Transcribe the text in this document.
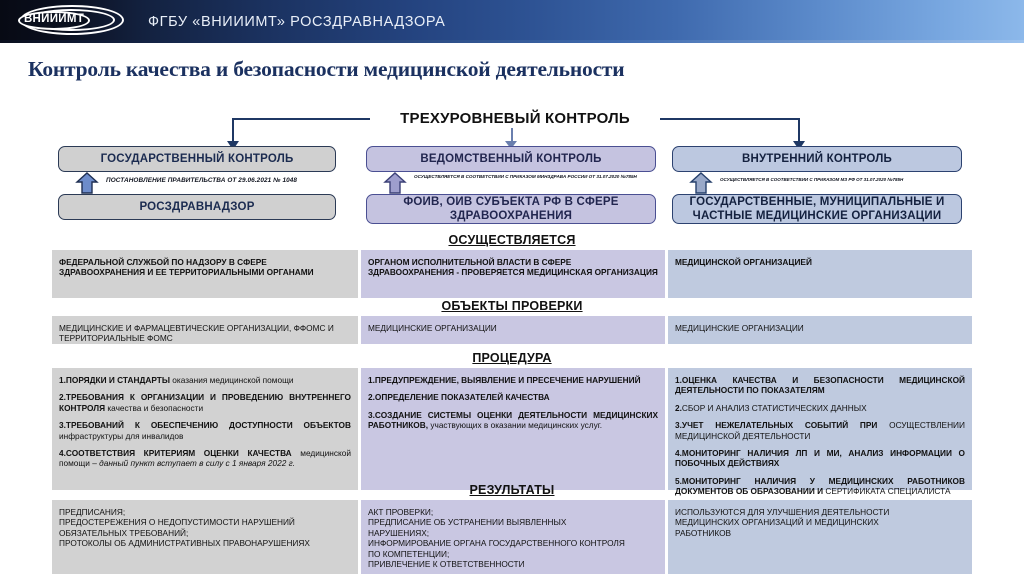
ВНИИИМТ	ФГБУ «ВНИИИМТ» РОСЗДРАВНАДЗОРА
Контроль качества и безопасности медицинской деятельности
ТРЕХУРОВНЕВЫЙ КОНТРОЛЬ
ГОСУДАРСТВЕННЫЙ КОНТРОЛЬ
ПОСТАНОВЛЕНИЕ ПРАВИТЕЛЬСТВА ОТ 29.06.2021 № 1048
РОСЗДРАВНАДЗОР
ВЕДОМСТВЕННЫЙ КОНТРОЛЬ
ОСУЩЕСТВЛЯЕТСЯ В СООТВЕТСТВИИ С ПРИКАЗОМ МИНЗДРАВА РОССИИ ОТ 31.07.2020 №785Н
ФОИВ, ОИВ СУБЪЕКТА РФ В СФЕРЕ ЗДРАВООХРАНЕНИЯ
ВНУТРЕННИЙ КОНТРОЛЬ
ОСУЩЕСТВЛЯЕТСЯ В СООТВЕТСТВИИ С ПРИКАЗОМ МЗ РФ ОТ 31.07.2020 №785Н
ГОСУДАРСТВЕННЫЕ, МУНИЦИПАЛЬНЫЕ И ЧАСТНЫЕ МЕДИЦИНСКИЕ ОРГАНИЗАЦИИ
ОСУЩЕСТВЛЯЕТСЯ
ФЕДЕРАЛЬНОЙ СЛУЖБОЙ ПО НАДЗОРУ В СФЕРЕ ЗДРАВООХРАНЕНИЯ И ЕЕ ТЕРРИТОРИАЛЬНЫМИ ОРГАНАМИ
ОРГАНОМ ИСПОЛНИТЕЛЬНОЙ ВЛАСТИ В СФЕРЕ ЗДРАВООХРАНЕНИЯ - ПРОВЕРЯЕТСЯ МЕДИЦИНСКАЯ ОРГАНИЗАЦИЯ
МЕДИЦИНСКОЙ ОРГАНИЗАЦИЕЙ
ОБЪЕКТЫ ПРОВЕРКИ
МЕДИЦИНСКИЕ И ФАРМАЦЕВТИЧЕСКИЕ ОРГАНИЗАЦИИ, ФФОМС И ТЕРРИТОРИАЛЬНЫЕ ФОМС
МЕДИЦИНСКИЕ ОРГАНИЗАЦИИ	МЕДИЦИНСКИЕ ОРГАНИЗАЦИИ
ПРОЦЕДУРА

1.ПОРЯДКИ И СТАНДАРТЫ оказания медицинской помощи

2.ТРЕБОВАНИЯ К ОРГАНИЗАЦИИ И ПРОВЕДЕНИЮ ВНУТРЕННЕГО КОНТРОЛЯ качества и безопасности

3.ТРЕБОВАНИЙ К ОБЕСПЕЧЕНИЮ ДОСТУПНОСТИ ОБЪЕКТОВ инфраструктуры для инвалидов

4.СООТВЕТСТВИЯ КРИТЕРИЯМ ОЦЕНКИ КАЧЕСТВА медицинской помощи – данный пункт вступает в силу с 1 января 2022 г.

1.ПРЕДУПРЕЖДЕНИЕ, ВЫЯВЛЕНИЕ И ПРЕСЕЧЕНИЕ НАРУШЕНИЙ

2.ОПРЕДЕЛЕНИЕ ПОКАЗАТЕЛЕЙ КАЧЕСТВА

3.СОЗДАНИЕ СИСТЕМЫ ОЦЕНКИ ДЕЯТЕЛЬНОСТИ МЕДИЦИНСКИХ РАБОТНИКОВ, участвующих в оказании медицинских услуг.

1.ОЦЕНКА КАЧЕСТВА И БЕЗОПАСНОСТИ МЕДИЦИНСКОЙ ДЕЯТЕЛЬНОСТИ ПО ПОКАЗАТЕЛЯМ

2.СБОР И АНАЛИЗ СТАТИСТИЧЕСКИХ ДАННЫХ

3.УЧЕТ НЕЖЕЛАТЕЛЬНЫХ СОБЫТИЙ ПРИ ОСУЩЕСТВЛЕНИИ МЕДИЦИНСКОЙ ДЕЯТЕЛЬНОСТИ

4.МОНИТОРИНГ НАЛИЧИЯ ЛП И МИ, АНАЛИЗ ИНФОРМАЦИИ О ПОБОЧНЫХ ДЕЙСТВИЯХ

5.МОНИТОРИНГ НАЛИЧИЯ У МЕДИЦИНСКИХ РАБОТНИКОВ ДОКУМЕНТОВ ОБ ОБРАЗОВАНИИ И СЕРТИФИКАТА СПЕЦИАЛИСТА

РЕЗУЛЬТАТЫ

ПРЕДПИСАНИЯ;

ПРЕДОСТЕРЕЖЕНИЯ О НЕДОПУСТИМОСТИ НАРУШЕНИЙ

ОБЯЗАТЕЛЬНЫХ ТРЕБОВАНИЙ;

ПРОТОКОЛЫ ОБ АДМИНИСТРАТИВНЫХ ПРАВОНАРУШЕНИЯХ

АКТ ПРОВЕРКИ;

ПРЕДПИСАНИЕ ОБ УСТРАНЕНИИ ВЫЯВЛЕННЫХ

НАРУШЕНИЯХ;

ИНФОРМИРОВАНИЕ ОРГАНА ГОСУДАРСТВЕННОГО КОНТРОЛЯ

ПО КОМПЕТЕНЦИИ;

ПРИВЛЕЧЕНИЕ К ОТВЕТСТВЕННОСТИ

ИСПОЛЬЗУЮТСЯ ДЛЯ УЛУЧШЕНИЯ ДЕЯТЕЛЬНОСТИ

МЕДИЦИНСКИХ ОРГАНИЗАЦИЙ И МЕДИЦИНСКИХ

РАБОТНИКОВ
